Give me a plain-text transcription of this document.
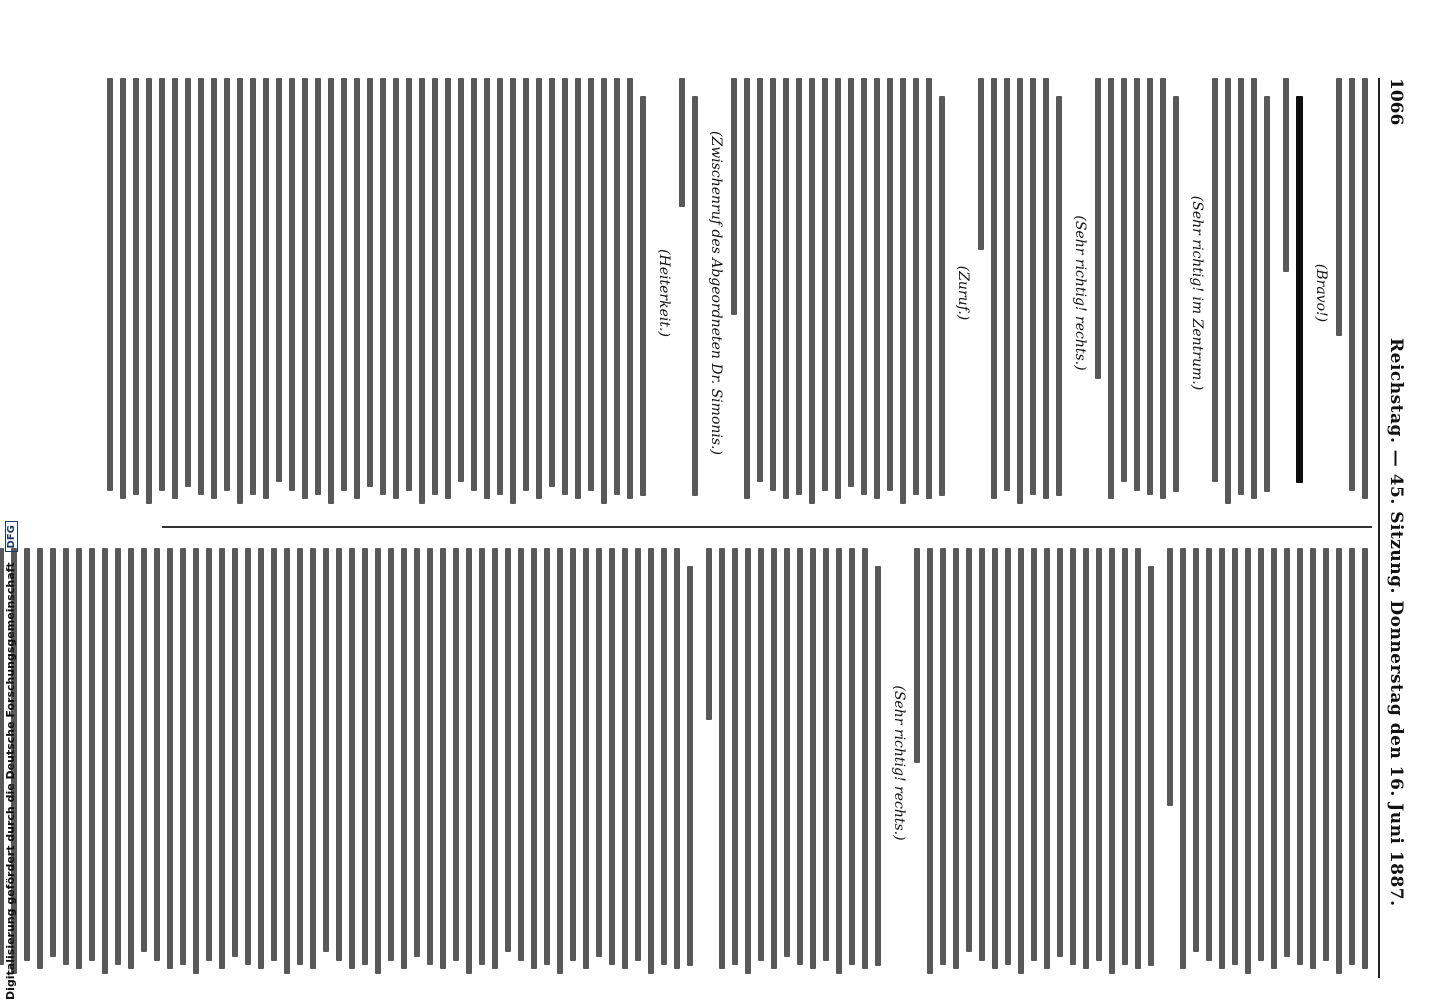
1066
Reichstag. — 45. Sitzung. Donnerstag den 16. Juni 1887.
(Bravo!)
(Sehr richtig! im Zentrum.)
(Sehr richtig! rechts.)
(Zuruf.)
(Zwischenruf des Abgeordneten Dr. Simonis.)
(Heiterkeit.)
(Sehr richtig! rechts.)
Digitalisierung gefördert durch die Deutsche Forschungsgemeinschaft DFG
